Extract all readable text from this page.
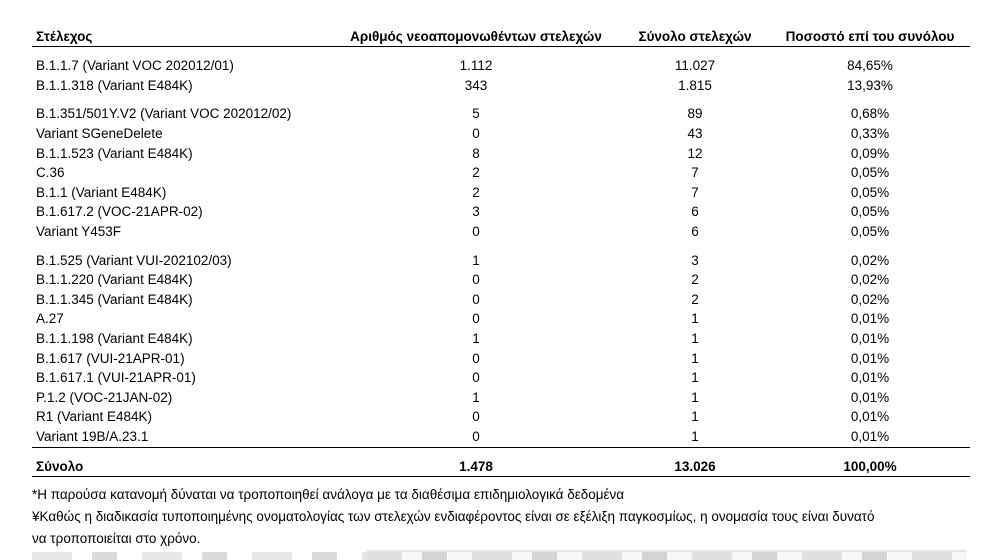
Στέλεχος	Αριθμός νεοαπομονωθέντων στελεχών	Σύνολο στελεχών	Ποσοστό επί του συνόλου
B.1.1.7 (Variant VOC 202012/01)	1.112	11.027	84,65%
B.1.1.318 (Variant E484K)	343	1.815	13,93%
B.1.351/501Y.V2 (Variant VOC 202012/02)	5	89	0,68%
Variant SGeneDelete	0	43	0,33%
B.1.1.523 (Variant E484K)	8	12	0,09%
C.36	2	7	0,05%
B.1.1 (Variant E484K)	2	7	0,05%
B.1.617.2 (VOC-21APR-02)	3	6	0,05%
Variant Y453F	0	6	0,05%
B.1.525 (Variant VUI-202102/03)	1	3	0,02%
B.1.1.220 (Variant E484K)	0	2	0,02%
B.1.1.345 (Variant E484K)	0	2	0,02%
A.27	0	1	0,01%
B.1.1.198 (Variant E484K)	1	1	0,01%
B.1.617 (VUI-21APR-01)	0	1	0,01%
B.1.617.1 (VUI-21APR-01)	0	1	0,01%
P.1.2 (VOC-21JAN-02)	1	1	0,01%
R1 (Variant E484K)	0	1	0,01%
Variant 19B/A.23.1	0	1	0,01%
Σύνολο	1.478	13.026	100,00%
*Η παρούσα κατανομή δύναται να τροποποιηθεί ανάλογα με τα διαθέσιμα επιδημιολογικά δεδομένα
¥Καθώς η διαδικασία τυποποιημένης ονοματολογίας των στελεχών ενδιαφέροντος είναι σε εξέλιξη παγκοσμίως, η ονομασία τους είναι δυνατό
να τροποποιείται στο χρόνο.
